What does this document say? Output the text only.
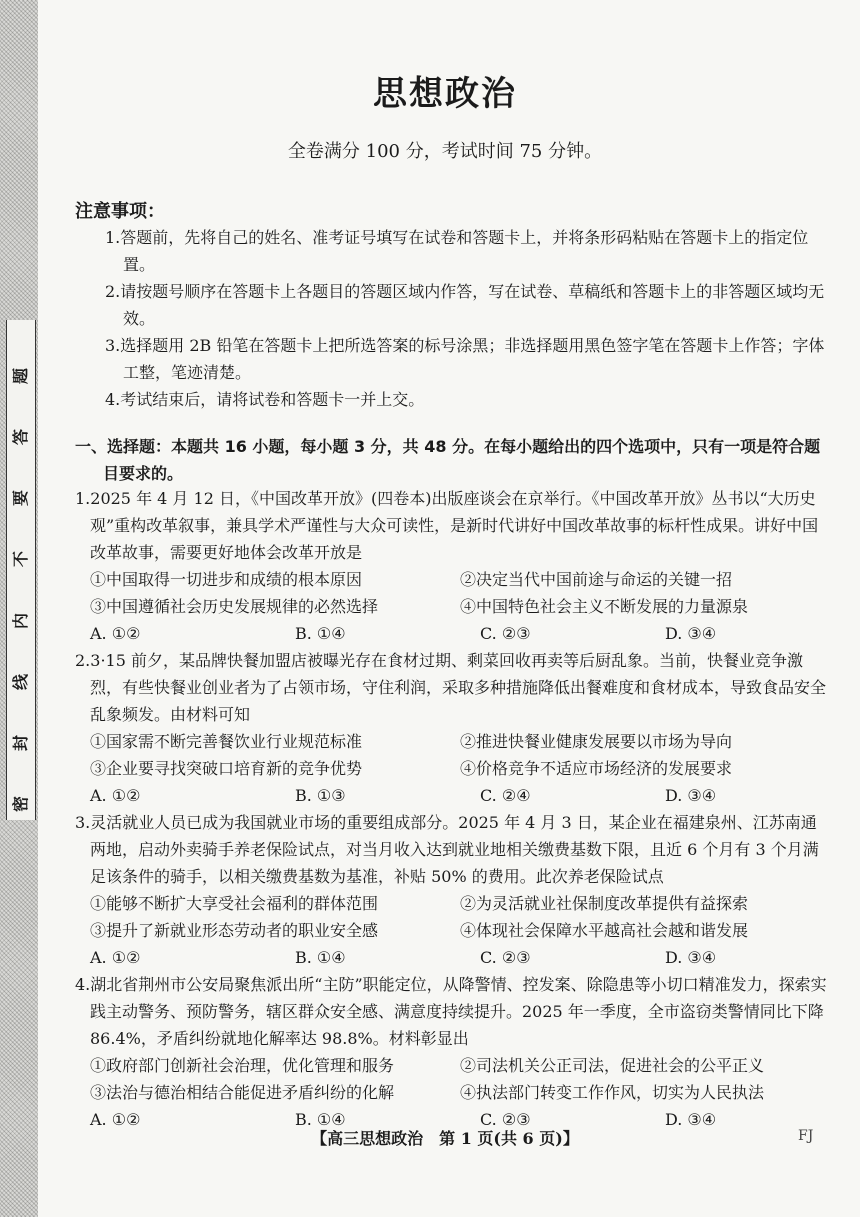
题
答
要
不
内
线
封
密
思想政治
全卷满分 100 分，考试时间 75 分钟。
注意事项：
1.答题前，先将自己的姓名、准考证号填写在试卷和答题卡上，并将条形码粘贴在答题卡上的指定位置。
2.请按题号顺序在答题卡上各题目的答题区域内作答，写在试卷、草稿纸和答题卡上的非答题区域均无效。
3.选择题用 2B 铅笔在答题卡上把所选答案的标号涂黑；非选择题用黑色签字笔在答题卡上作答；字体工整，笔迹清楚。
4.考试结束后，请将试卷和答题卡一并上交。
一、选择题：本题共 16 小题，每小题 3 分，共 48 分。在每小题给出的四个选项中，只有一项是符合题目要求的。
1.2025 年 4 月 12 日，《中国改革开放》(四卷本)出版座谈会在京举行。《中国改革开放》丛书以“大历史观”重构改革叙事，兼具学术严谨性与大众可读性，是新时代讲好中国改革故事的标杆性成果。讲好中国改革故事，需要更好地体会改革开放是
①中国取得一切进步和成绩的根本原因	②决定当代中国前途与命运的关键一招
③中国遵循社会历史发展规律的必然选择	④中国特色社会主义不断发展的力量源泉
A. ①②	B. ①④	C. ②③	D. ③④
2.3·15 前夕，某品牌快餐加盟店被曝光存在食材过期、剩菜回收再卖等后厨乱象。当前，快餐业竞争激烈，有些快餐业创业者为了占领市场，守住利润，采取多种措施降低出餐难度和食材成本，导致食品安全乱象频发。由材料可知
①国家需不断完善餐饮业行业规范标准	②推进快餐业健康发展要以市场为导向
③企业要寻找突破口培育新的竞争优势	④价格竞争不适应市场经济的发展要求
A. ①②	B. ①③	C. ②④	D. ③④
3.灵活就业人员已成为我国就业市场的重要组成部分。2025 年 4 月 3 日，某企业在福建泉州、江苏南通两地，启动外卖骑手养老保险试点，对当月收入达到就业地相关缴费基数下限，且近 6 个月有 3 个月满足该条件的骑手，以相关缴费基数为基准，补贴 50% 的费用。此次养老保险试点
①能够不断扩大享受社会福利的群体范围	②为灵活就业社保制度改革提供有益探索
③提升了新就业形态劳动者的职业安全感	④体现社会保障水平越高社会越和谐发展
A. ①②	B. ①④	C. ②③	D. ③④
4.湖北省荆州市公安局聚焦派出所“主防”职能定位，从降警情、控发案、除隐患等小切口精准发力，探索实践主动警务、预防警务，辖区群众安全感、满意度持续提升。2025 年一季度，全市盗窃类警情同比下降 86.4%，矛盾纠纷就地化解率达 98.8%。材料彰显出
①政府部门创新社会治理，优化管理和服务	②司法机关公正司法，促进社会的公平正义
③法治与德治相结合能促进矛盾纠纷的化解	④执法部门转变工作作风，切实为人民执法
A. ①②	B. ①④	C. ②③	D. ③④
【高三思想政治　第 1 页(共 6 页)】	FJ
